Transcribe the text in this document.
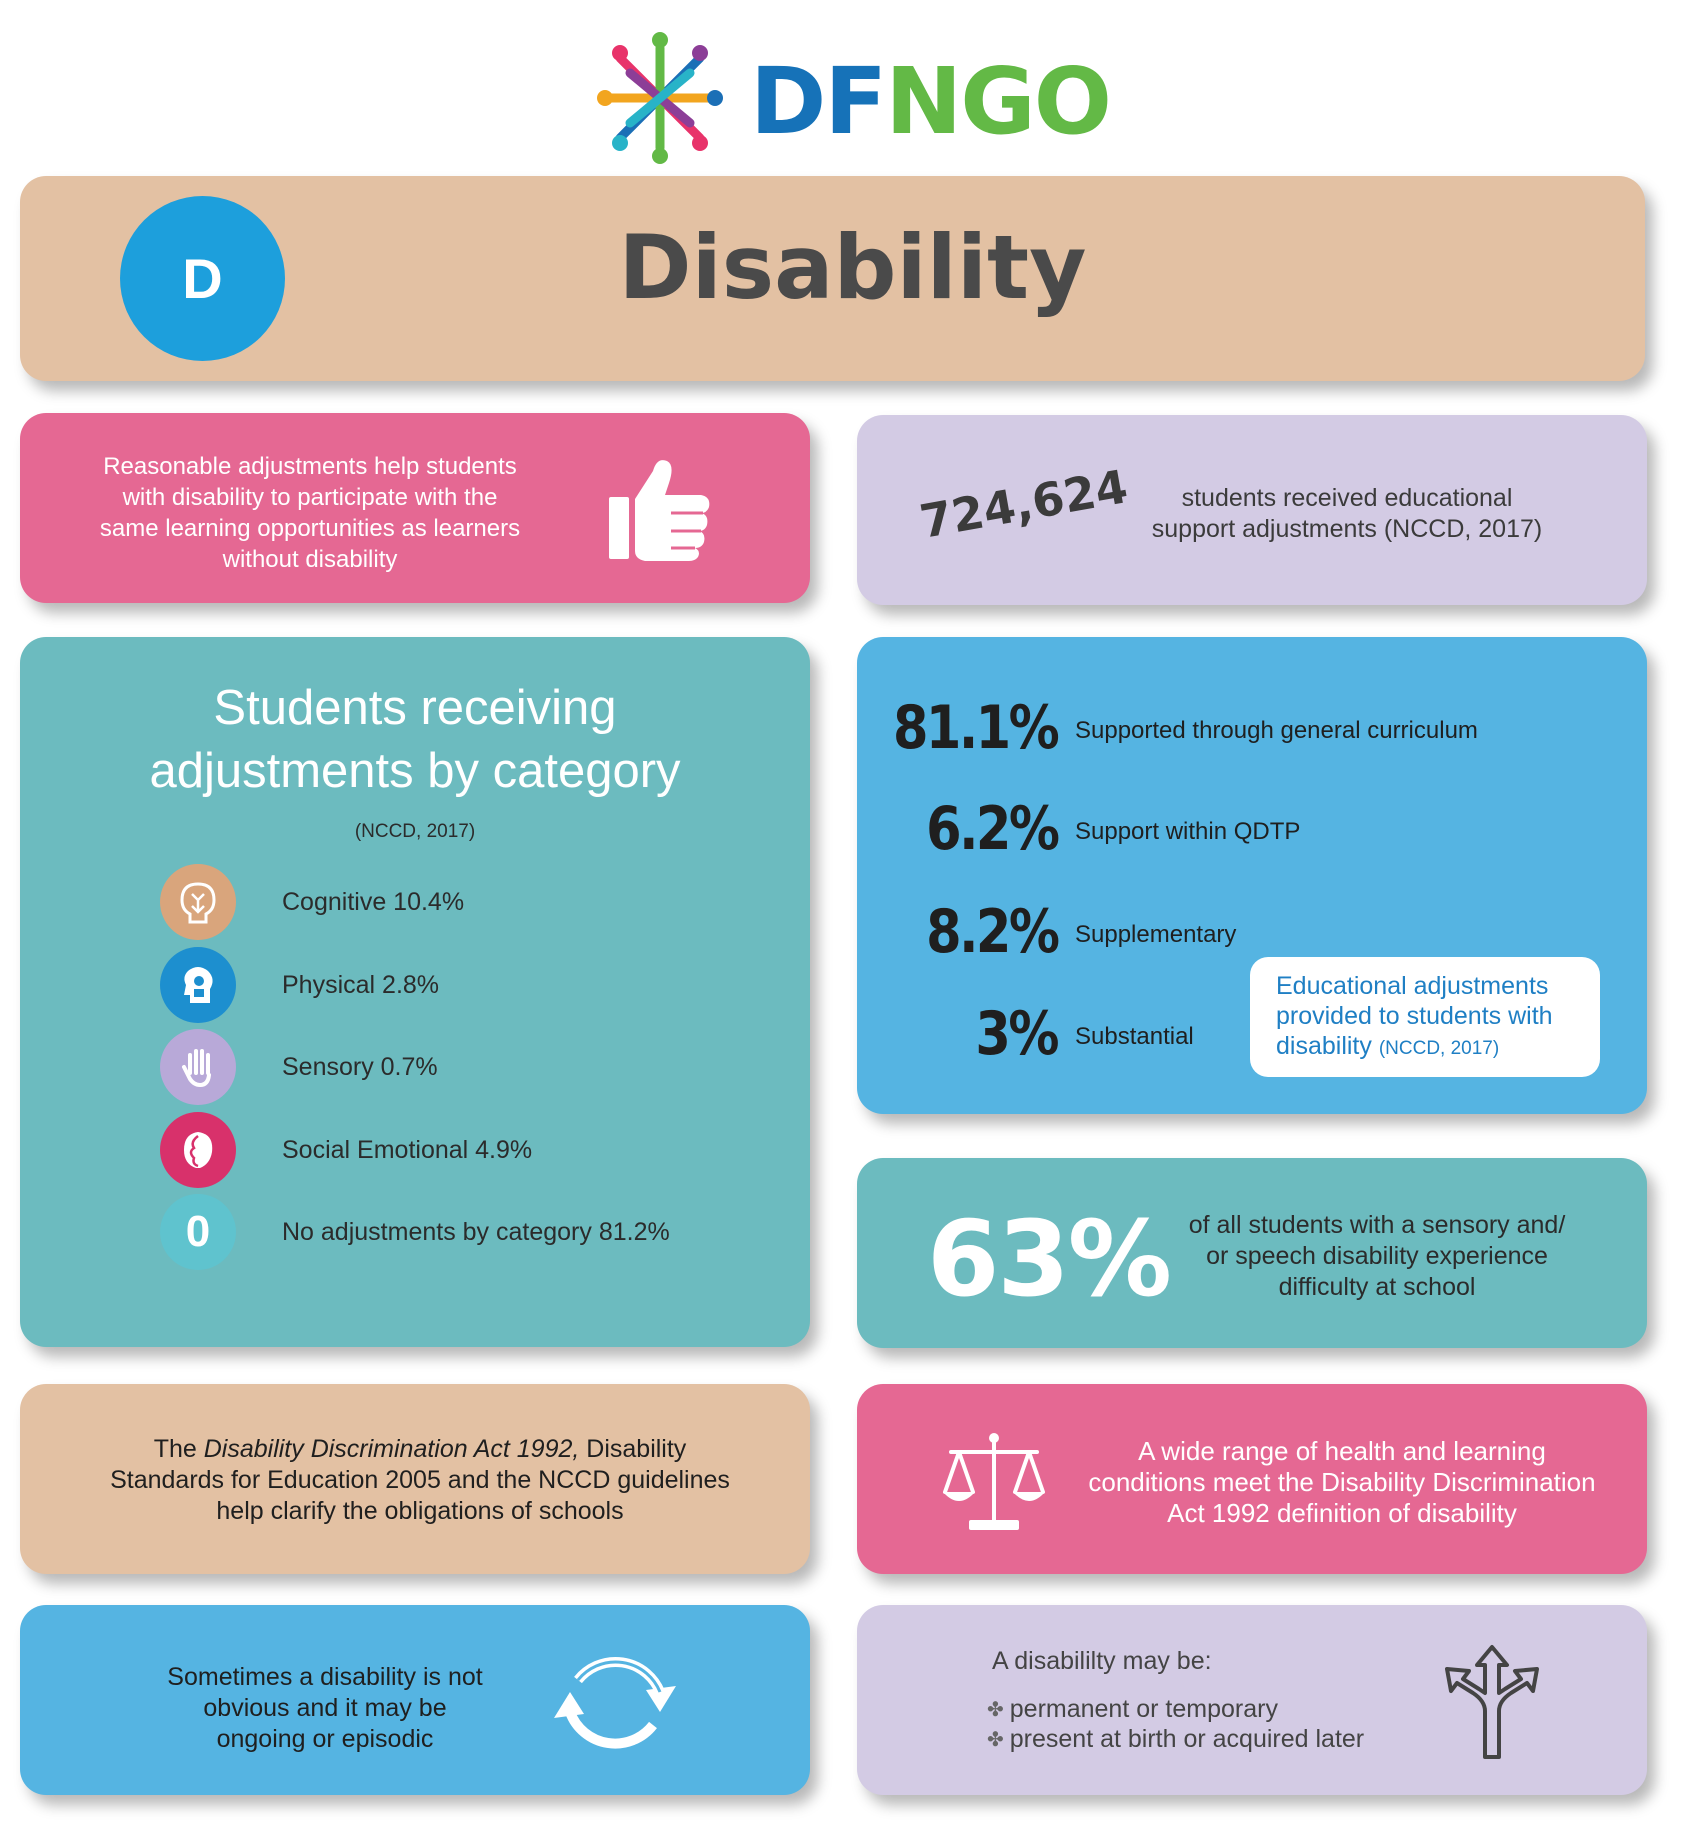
DFNGO
D	Disability
Reasonable adjustments help students with disability to participate with the same learning opportunities as learners without disability
724,624	students received educational support adjustments (NCCD, 2017)
Students receiving adjustments by category
(NCCD, 2017)
Cognitive 10.4%
Physical 2.8%
Sensory 0.7%
Social Emotional 4.9%
0	No adjustments by category 81.2%
81.1% Supported through general curriculum
6.2% Support within QDTP
8.2% Supplementary
3% Substantial
Educational adjustments provided to students with disability (NCCD, 2017)
63% of all students with a sensory and/ or speech disability experience difficulty at school
The Disability Discrimination Act 1992, Disability Standards for Education 2005 and the NCCD guidelines help clarify the obligations of schools
A wide range of health and learning conditions meet the Disability Discrimination Act 1992 definition of disability
Sometimes a disability is not obvious and it may be ongoing or episodic
A disabililty may be:
✤ permanent or temporary
✤ present at birth or acquired later
